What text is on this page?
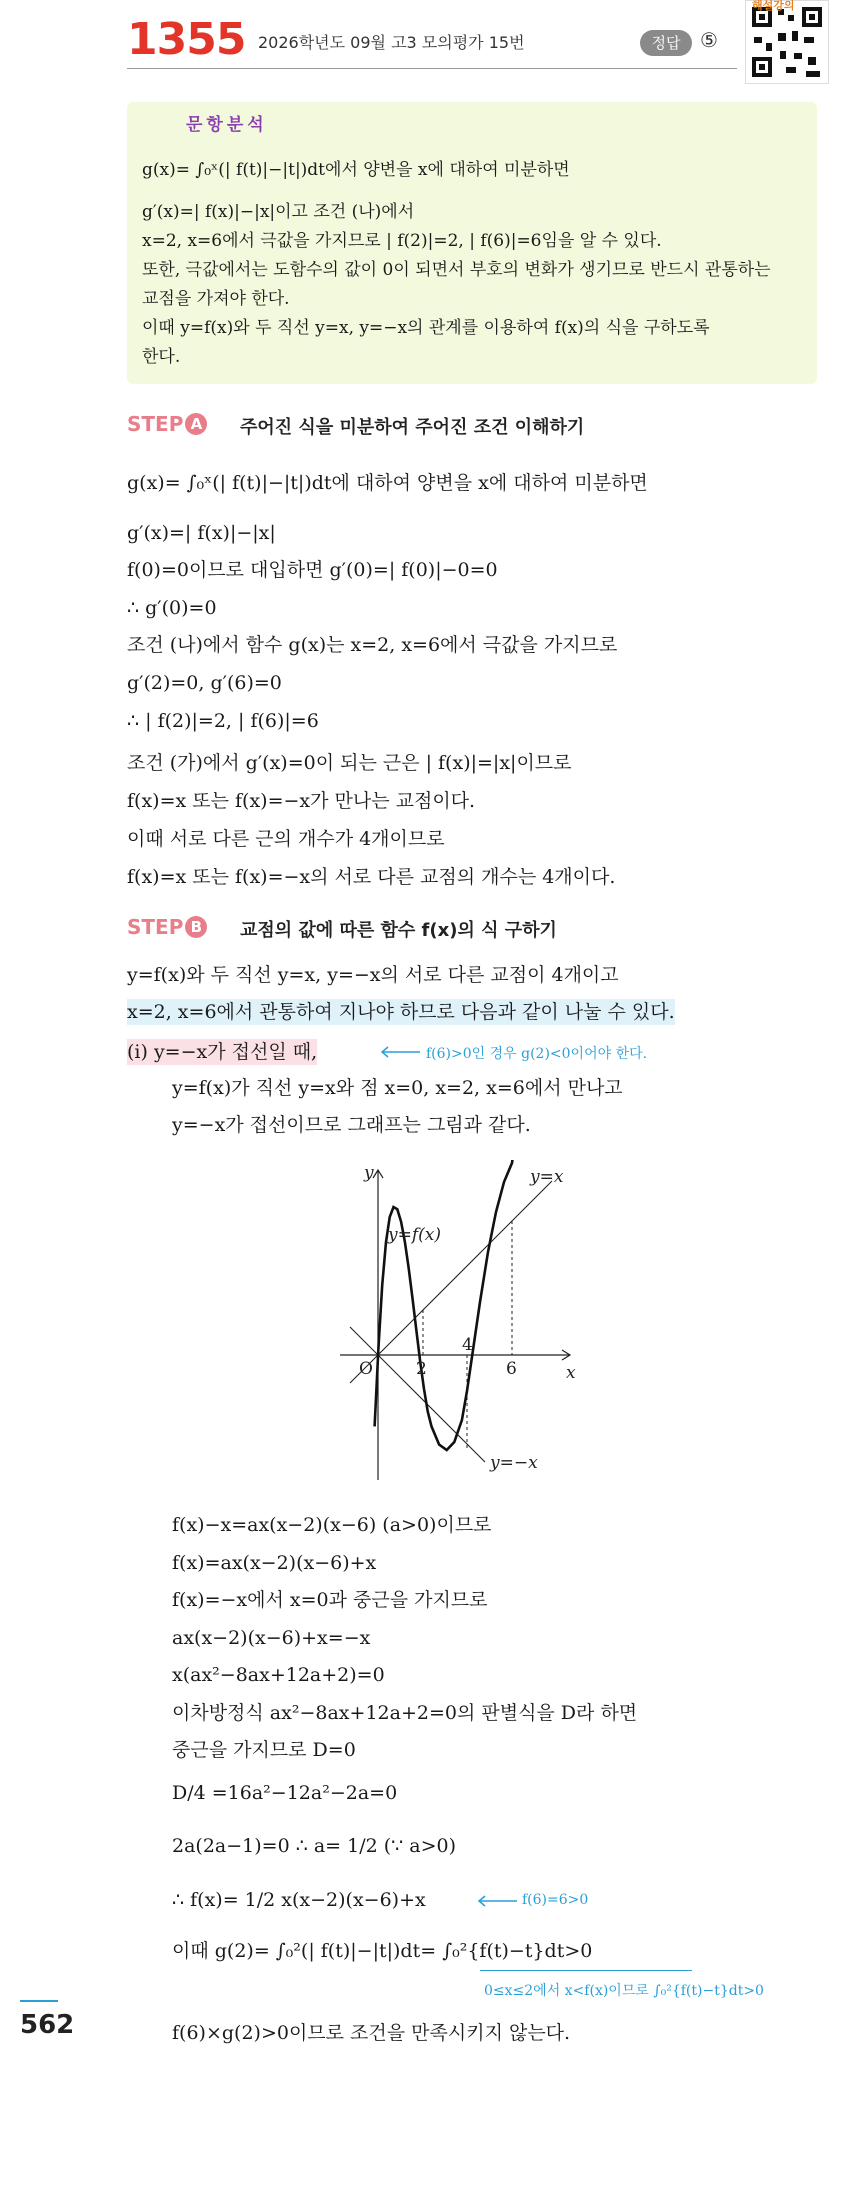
1355 2026학년도 09월 고3 모의평가 15번	정답 ⑤
해설강의
문항분석
g(x)= ∫₀ˣ(| f(t)|−|t|)dt에서 양변을 x에 대하여 미분하면
g′(x)=| f(x)|−|x|이고 조건 (나)에서
x=2, x=6에서 극값을 가지므로 | f(2)|=2, | f(6)|=6임을 알 수 있다.
또한, 극값에서는 도함수의 값이 0이 되면서 부호의 변화가 생기므로 반드시 관통하는
교점을 가져야 한다.
이때 y=f(x)와 두 직선 y=x, y=−x의 관계를 이용하여 f(x)의 식을 구하도록
한다.
STEP A 주어진 식을 미분하여 주어진 조건 이해하기
g(x)= ∫₀ˣ(| f(t)|−|t|)dt에 대하여 양변을 x에 대하여 미분하면
g′(x)=| f(x)|−|x|
f(0)=0이므로 대입하면 g′(0)=| f(0)|−0=0
∴ g′(0)=0
조건 (나)에서 함수 g(x)는 x=2, x=6에서 극값을 가지므로
g′(2)=0, g′(6)=0
∴ | f(2)|=2, | f(6)|=6
조건 (가)에서 g′(x)=0이 되는 근은 | f(x)|=|x|이므로
f(x)=x 또는 f(x)=−x가 만나는 교점이다.
이때 서로 다른 근의 개수가 4개이므로
f(x)=x 또는 f(x)=−x의 서로 다른 교점의 개수는 4개이다.
STEP B 교점의 값에 따른 함수 f(x)의 식 구하기
y=f(x)와 두 직선 y=x, y=−x의 서로 다른 교점이 4개이고
x=2, x=6에서 관통하여 지나야 하므로 다음과 같이 나눌 수 있다.
(ⅰ) y=−x가 접선일 때,	f(6)>0인 경우 g(2)<0이어야 한다.
y=f(x)가 직선 y=x와 점 x=0, x=2, x=6에서 만나고
y=−x가 접선이므로 그래프는 그림과 같다.
y
x
O	2
4
6
y=x
y=−x
y=f(x)
f(x)−x=ax(x−2)(x−6) (a>0)이므로
f(x)=ax(x−2)(x−6)+x
f(x)=−x에서 x=0과 중근을 가지므로
ax(x−2)(x−6)+x=−x
x(ax²−8ax+12a+2)=0
이차방정식 ax²−8ax+12a+2=0의 판별식을 D라 하면
중근을 가지므로 D=0
D/4 =16a²−12a²−2a=0
2a(2a−1)=0 ∴ a= 1/2 (∵ a>0)
∴ f(x)= 1/2 x(x−2)(x−6)+x	f(6)=6>0
이때 g(2)= ∫₀²(| f(t)|−|t|)dt= ∫₀²{f(t)−t}dt>0
0≤x≤2에서 x<f(x)이므로 ∫₀²{f(t)−t}dt>0
f(6)×g(2)>0이므로 조건을 만족시키지 않는다.
562
